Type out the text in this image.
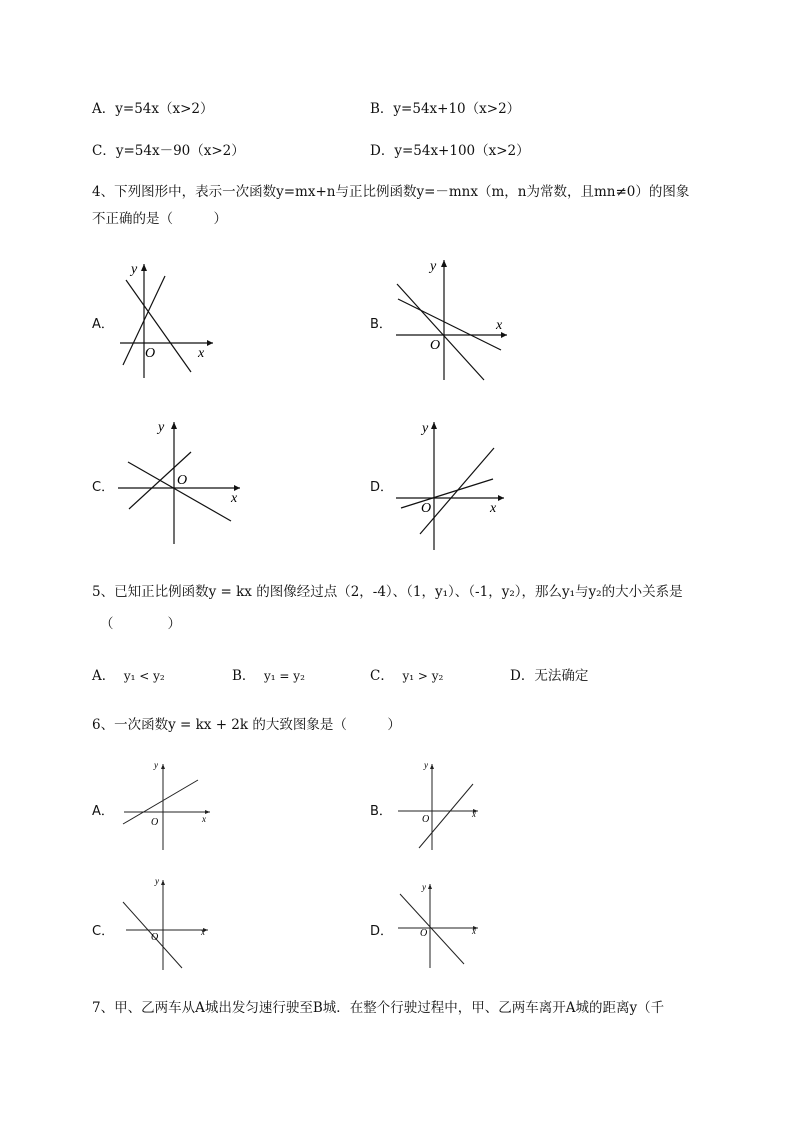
A．y=54x（x>2）	B．y=54x+10（x>2）
C．y=54x－90（x>2）	D．y=54x+100（x>2）
4、下列图形中，表示一次函数y=mx+n与正比例函数y=－mnx（m，n为常数，且mn≠0）的图象
不正确的是（　　　）
A．
y
x
O
B．
y
x
O
C．
y
x
O	D．
y
x
O
5、已知正比例函数y = kx 的图像经过点（2，-4）、（1，y₁）、（-1，y₂），那么y₁与y₂的大小关系是
（　　　　）
A． y₁ < y₂	B． y₁ = y₂	C． y₁ > y₂	D．无法确定
6、一次函数y = kx + 2k 的大致图象是（　　　）
A．
y
x
O
B．
y
x
O
C．
y
x
O	D．
y
x
O
7、甲、乙两车从A城出发匀速行驶至B城．在整个行驶过程中，甲、乙两车离开A城的距离y（千
